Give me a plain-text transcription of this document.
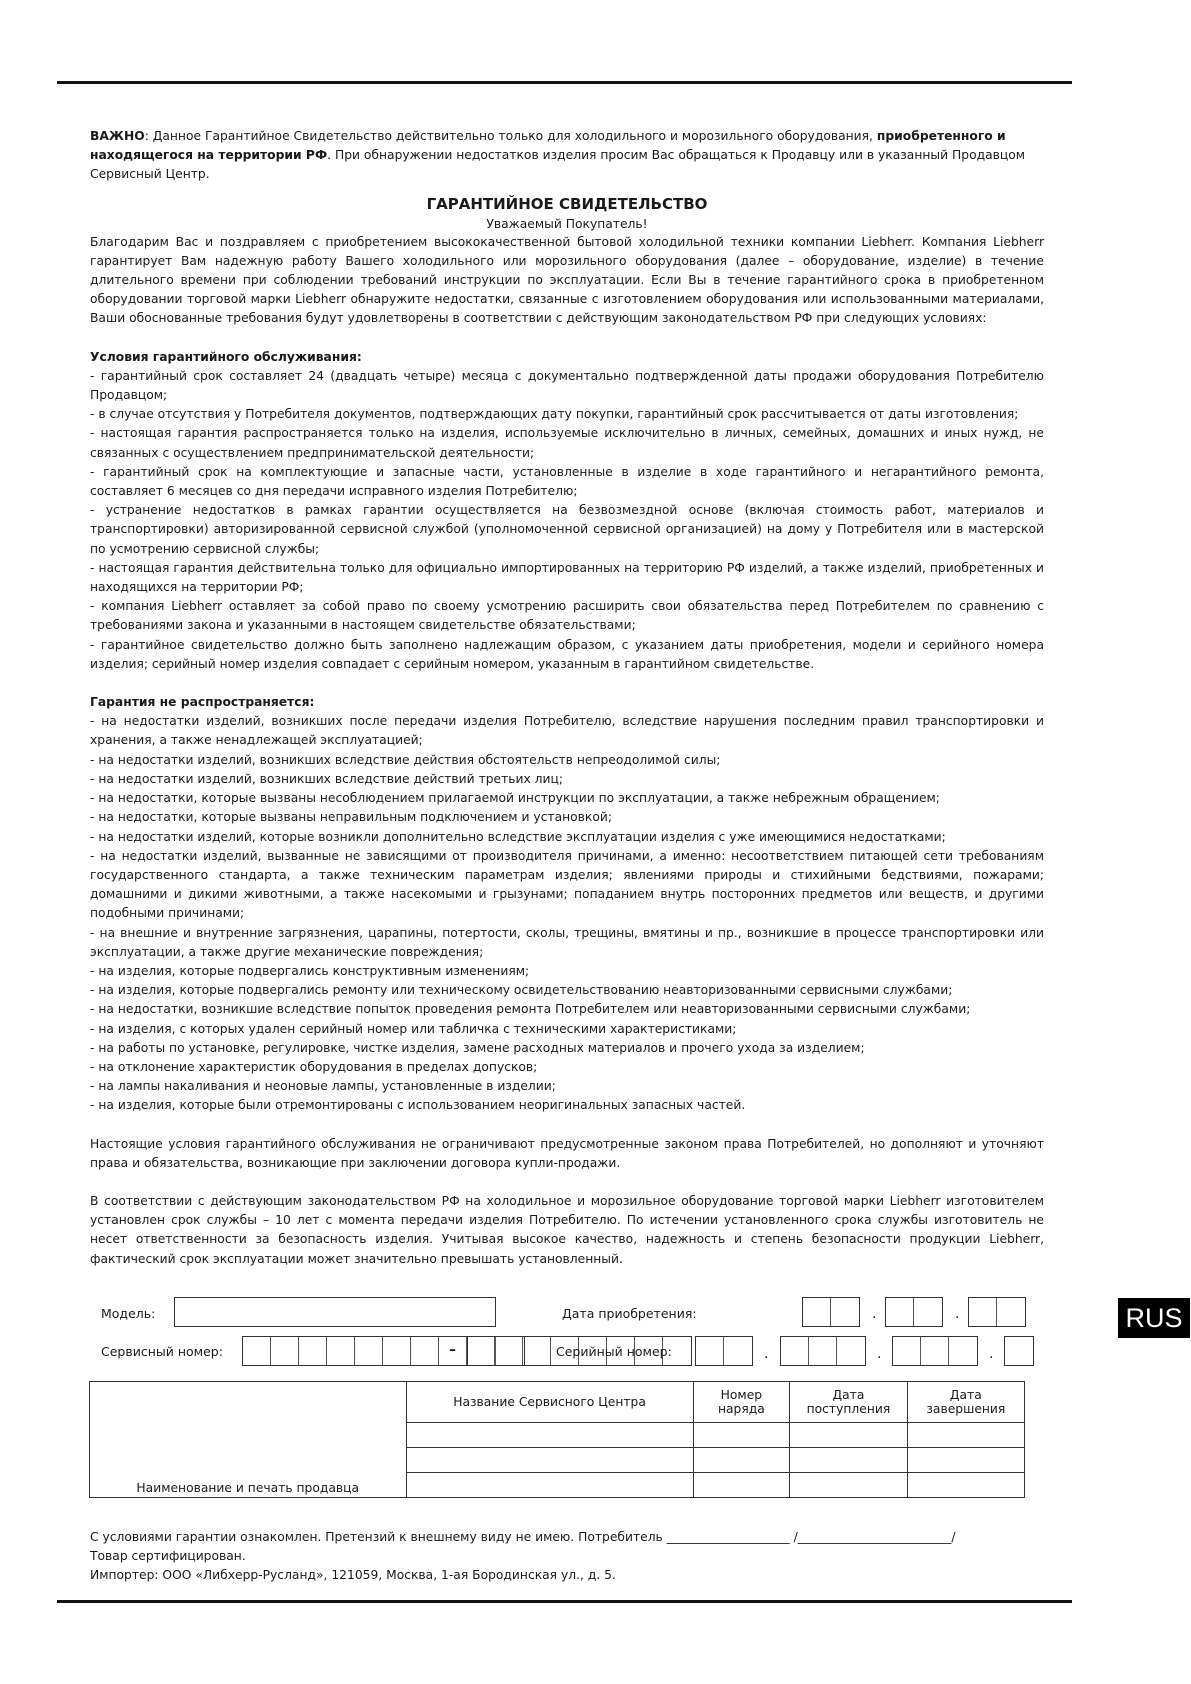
ВАЖНО: Данное Гарантийное Свидетельство действительно только для холодильного и морозильного оборудования, приобретенного и находящегося на территории РФ. При обнаружении недостатков изделия просим Вас обращаться к Продавцу или в указанный Продавцом Сервисный Центр.

ГАРАНТИЙНОЕ СВИДЕТЕЛЬСТВО

Уважаемый Покупатель!

Благодарим Вас и поздравляем с приобретением высококачественной бытовой холодильной техники компании Liebherr. Компания Liebherr гарантирует Вам надежную работу Вашего холодильного или морозильного оборудования (далее – оборудование, изделие) в течение длительного времени при соблюдении требований инструкции по эксплуатации. Если Вы в течение гарантийного срока в приобретенном оборудовании торговой марки Liebherr обнаружите недостатки, связанные с изготовлением оборудования или использованными материалами, Ваши обоснованные требования будут удовлетворены в соответствии с действующим законодательством РФ при следующих условиях:

Условия гарантийного обслуживания:

- гарантийный срок составляет 24 (двадцать четыре) месяца с документально подтвержденной даты продажи оборудования Потребителю Продавцом;

- в случае отсутствия у Потребителя документов, подтверждающих дату покупки, гарантийный срок рассчитывается от даты изготовления;

- настоящая гарантия распространяется только на изделия, используемые исключительно в личных, семейных, домашних и иных нужд, не связанных с осуществлением предпринимательской деятельности;

- гарантийный срок на комплектующие и запасные части, установленные в изделие в ходе гарантийного и негарантийного ремонта, составляет 6 месяцев со дня передачи исправного изделия Потребителю;

- устранение недостатков в рамках гарантии осуществляется на безвозмездной основе (включая стоимость работ, материалов и транспортировки) авторизированной сервисной службой (уполномоченной сервисной организацией) на дому у Потребителя или в мастерской по усмотрению сервисной службы;

- настоящая гарантия действительна только для официально импортированных на территорию РФ изделий, а также изделий, приобретенных и находящихся на территории РФ;

- компания Liebherr оставляет за собой право по своему усмотрению расширить свои обязательства перед Потребителем по сравнению с требованиями закона и указанными в настоящем свидетельстве обязательствами;

- гарантийное свидетельство должно быть заполнено надлежащим образом, с указанием даты приобретения, модели и серийного номера изделия; серийный номер изделия совпадает с серийным номером, указанным в гарантийном свидетельстве.

Гарантия не распространяется:

- на недостатки изделий, возникших после передачи изделия Потребителю, вследствие нарушения последним правил транспортировки и хранения, а также ненадлежащей эксплуатацией;

- на недостатки изделий, возникших вследствие действия обстоятельств непреодолимой силы;

- на недостатки изделий, возникших вследствие действий третьих лиц;

- на недостатки, которые вызваны несоблюдением прилагаемой инструкции по эксплуатации, а также небрежным обращением;

- на недостатки, которые вызваны неправильным подключением и установкой;

- на недостатки изделий, которые возникли дополнительно вследствие эксплуатации изделия с уже имеющимися недостатками;

- на недостатки изделий, вызванные не зависящими от производителя причинами, а именно: несоответствием питающей сети требованиям государственного стандарта, а также техническим параметрам изделия; явлениями природы и стихийными бедствиями, пожарами; домашними и дикими животными, а также насекомыми и грызунами; попаданием внутрь посторонних предметов или веществ, и другими подобными причинами;

- на внешние и внутренние загрязнения, царапины, потертости, сколы, трещины, вмятины и пр., возникшие в процессе транспортировки или эксплуатации, а также другие механические повреждения;

- на изделия, которые подвергались конструктивным изменениям;

- на изделия, которые подвергались ремонту или техническому освидетельствованию неавторизованными сервисными службами;

- на недостатки, возникшие вследствие попыток проведения ремонта Потребителем или неавторизованными сервисными службами;

- на изделия, с которых удален серийный номер или табличка с техническими характеристиками;

- на работы по установке, регулировке, чистке изделия, замене расходных материалов и прочего ухода за изделием;

- на отклонение характеристик оборудования в пределах допусков;

- на лампы накаливания и неоновые лампы, установленные в изделии;

- на изделия, которые были отремонтированы с использованием неоригинальных запасных частей.

Настоящие условия гарантийного обслуживания не ограничивают предусмотренные законом права Потребителей, но дополняют и уточняют права и обязательства, возникающие при заключении договора купли-продажи.

В соответствии с действующим законодательством РФ на холодильное и морозильное оборудование торговой марки Liebherr изготовителем установлен срок службы – 10 лет с момента передачи изделия Потребителю. По истечении установленного срока службы изготовитель не несет ответственности за безопасность изделия. Учитывая высокое качество, надежность и степень безопасности продукции Liebherr, фактический срок эксплуатации может значительно превышать установленный.

Модель:	Дата приобретения:	.	.
Сервисный номер:	–	Серийный номер:	.	.	.
Наименование и печать продавца	Название Сервисного Центра	Номер наряда	Дата поступления	Дата завершения

С условиями гарантии ознакомлен. Претензий к внешнему виду не имею. Потребитель ____________________ /_________________________/
Товар сертифицирован.
Импортер: ООО «Либхерр-Русланд», 121059, Москва, 1-ая Бородинская ул., д. 5.
RUS
